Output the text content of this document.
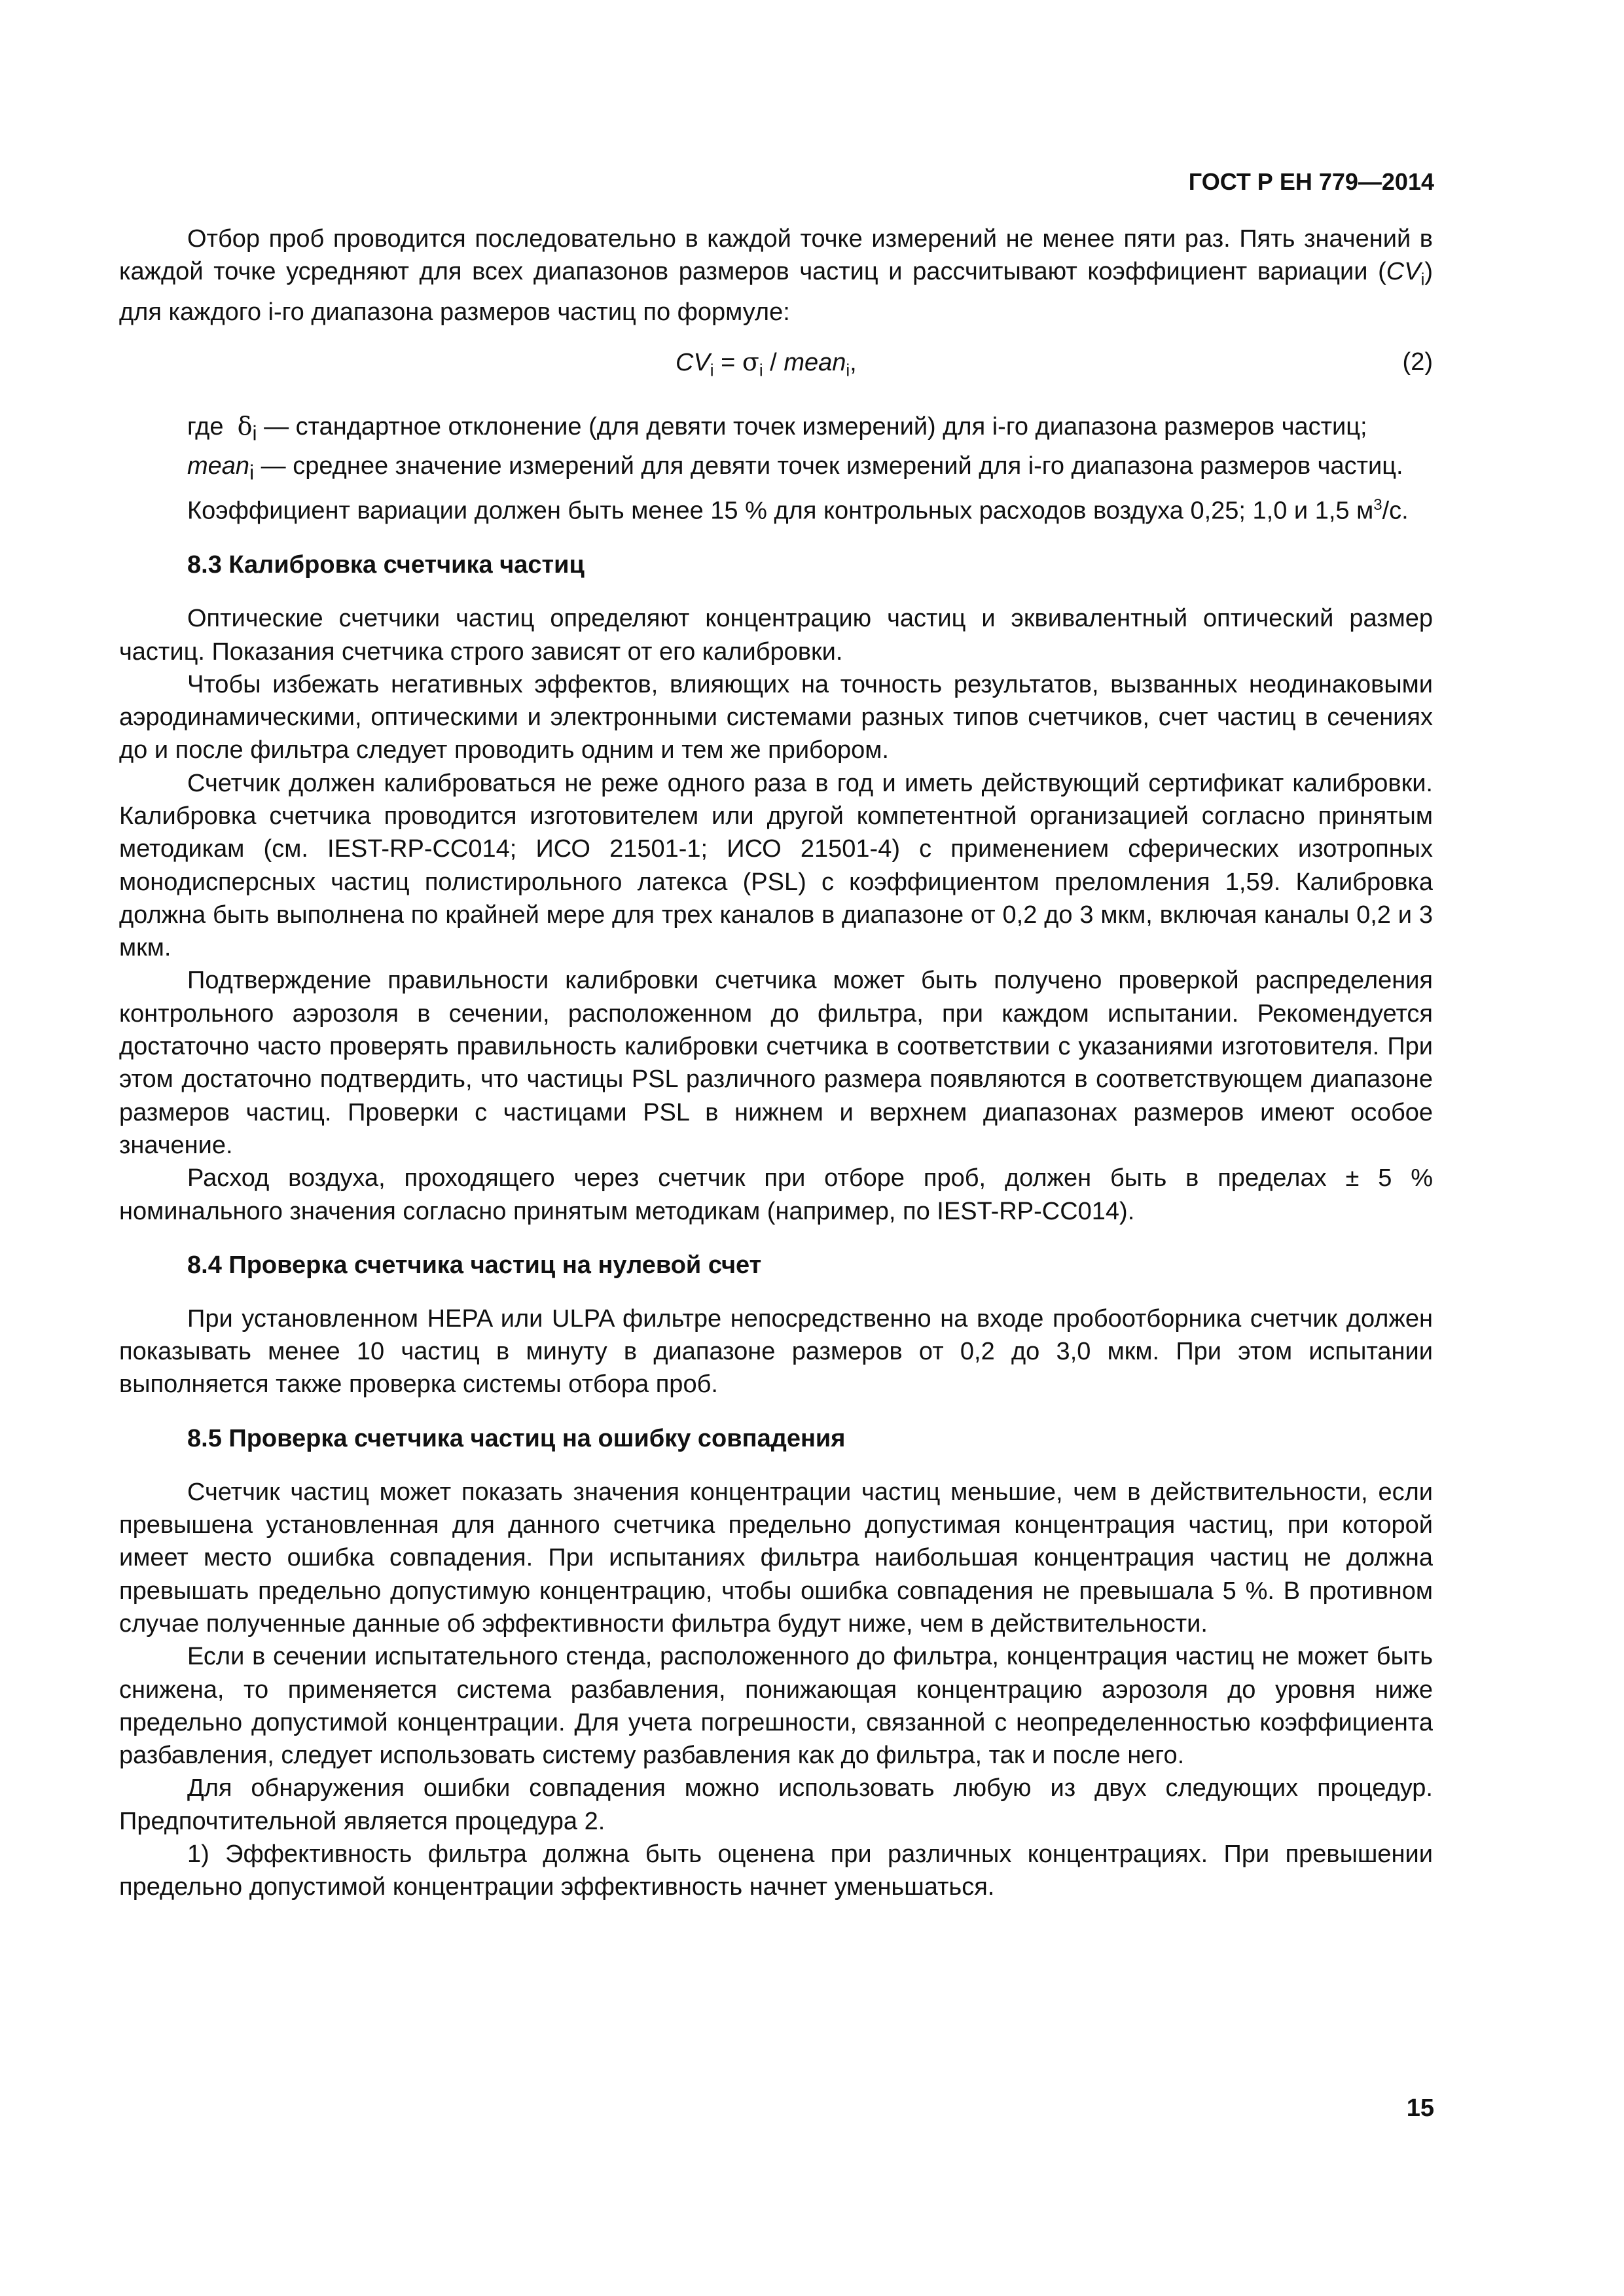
ГОСТ Р ЕН 779—2014

Отбор проб проводится последовательно в каждой точке измерений не менее пяти раз. Пять значений в каждой точке усредняют для всех диапазонов размеров частиц и рассчитывают коэффициент вариации $(CV_i)$ для каждого i-го диапазона размеров частиц по формуле:

$CV_i = \sigma_i$ / mean$_i$,	(2)

где $\delta_i$ — стандартное отклонение (для девяти точек измерений) для i-го диапазона размеров частиц;

mean$_i$ — среднее значение измерений для девяти точек измерений для i-го диапазона размеров частиц.

Коэффициент вариации должен быть менее 15 % для контрольных расходов воздуха 0,25; 1,0 и 1,5 $м^3/с$.

8.3 Калибровка счетчика частиц

Оптические счетчики частиц определяют концентрацию частиц и эквивалентный оптический размер частиц. Показания счетчика строго зависят от его калибровки.

Чтобы избежать негативных эффектов, влияющих на точность результатов, вызванных неодинаковыми аэродинамическими, оптическими и электронными системами разных типов счетчиков, счет частиц в сечениях до и после фильтра следует проводить одним и тем же прибором.

Счетчик должен калиброваться не реже одного раза в год и иметь действующий сертификат калибровки. Калибровка счетчика проводится изготовителем или другой компетентной организацией согласно принятым методикам (см. IEST-RP-CC014; ИСО 21501-1; ИСО 21501-4) с применением сферических изотропных монодисперсных частиц полистирольного латекса (PSL) с коэффициентом преломления 1,59. Калибровка должна быть выполнена по крайней мере для трех каналов в диапазоне от 0,2 до 3 мкм, включая каналы 0,2 и 3 мкм.

Подтверждение правильности калибровки счетчика может быть получено проверкой распределения контрольного аэрозоля в сечении, расположенном до фильтра, при каждом испытании. Рекомендуется достаточно часто проверять правильность калибровки счетчика в соответствии с указаниями изготовителя. При этом достаточно подтвердить, что частицы PSL различного размера появляются в соответствующем диапазоне размеров частиц. Проверки с частицами PSL в нижнем и верхнем диапазонах размеров имеют особое значение.

Расход воздуха, проходящего через счетчик при отборе проб, должен быть в пределах ± 5 % номинального значения согласно принятым методикам (например, по IEST-RP-CC014).

8.4 Проверка счетчика частиц на нулевой счет

При установленном HEPA или ULPA фильтре непосредственно на входе пробоотборника счетчик должен показывать менее 10 частиц в минуту в диапазоне размеров от 0,2 до 3,0 мкм. При этом испытании выполняется также проверка системы отбора проб.

8.5 Проверка счетчика частиц на ошибку совпадения

Счетчик частиц может показать значения концентрации частиц меньшие, чем в действительности, если превышена установленная для данного счетчика предельно допустимая концентрация частиц, при которой имеет место ошибка совпадения. При испытаниях фильтра наибольшая концентрация частиц не должна превышать предельно допустимую концентрацию, чтобы ошибка совпадения не превышала 5 %. В противном случае полученные данные об эффективности фильтра будут ниже, чем в действительности.

Если в сечении испытательного стенда, расположенного до фильтра, концентрация частиц не может быть снижена, то применяется система разбавления, понижающая концентрацию аэрозоля до уровня ниже предельно допустимой концентрации. Для учета погрешности, связанной с неопределенностью коэффициента разбавления, следует использовать систему разбавления как до фильтра, так и после него.

Для обнаружения ошибки совпадения можно использовать любую из двух следующих процедур. Предпочтительной является процедура 2.

1) Эффективность фильтра должна быть оценена при различных концентрациях. При превышении предельно допустимой концентрации эффективность начнет уменьшаться.

15
